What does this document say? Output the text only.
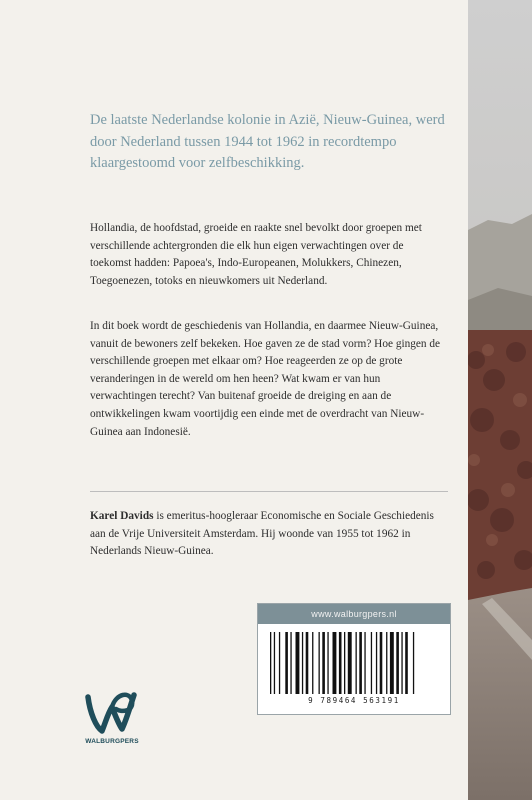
De laatste Nederlandse kolonie in Azië, Nieuw-Guinea, werd door Nederland tussen 1944 tot 1962 in recordtempo klaargestoomd voor zelfbeschikking.

Hollandia, de hoofdstad, groeide en raakte snel bevolkt door groepen met verschillende achtergronden die elk hun eigen verwachtingen over de toekomst hadden: Papoea's, Indo-Europeanen, Molukkers, Chinezen, Toegoenezen, totoks en nieuwkomers uit Nederland.

In dit boek wordt de geschiedenis van Hollandia, en daarmee Nieuw-Guinea, vanuit de bewoners zelf bekeken. Hoe gaven ze de stad vorm? Hoe gingen de verschillende groepen met elkaar om? Hoe reageerden ze op de grote veranderingen in de wereld om hen heen? Wat kwam er van hun verwachtingen terecht? Van buitenaf groeide de dreiging en aan de ontwikkelingen kwam voortijdig een einde met de overdracht van Nieuw-Guinea aan Indonesië.

Karel Davids is emeritus-hoogleraar Economische en Sociale Geschiedenis aan de Vrije Universiteit Amsterdam. Hij woonde van 1955 tot 1962 in Nederlands Nieuw-Guinea.

www.walburgpers.nl
9 789464 563191
WALBURGPERS
